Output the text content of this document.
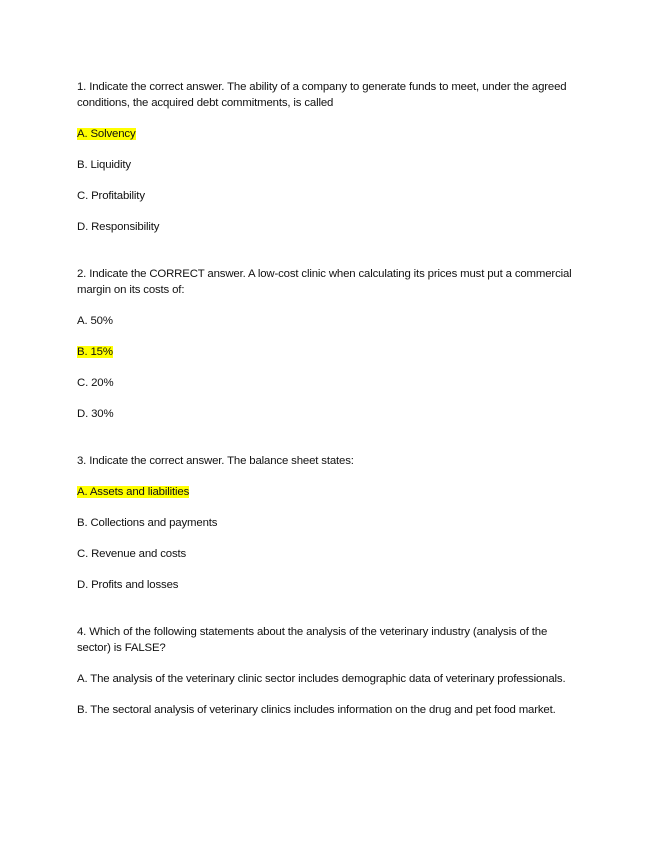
1. Indicate the correct answer. The ability of a company to generate funds to meet, under the agreed conditions, the acquired debt commitments, is called
A. Solvency
B. Liquidity
C. Profitability
D. Responsibility
2. Indicate the CORRECT answer. A low-cost clinic when calculating its prices must put a commercial margin on its costs of:
A. 50%
B. 15%
C. 20%
D. 30%
3. Indicate the correct answer. The balance sheet states:
A. Assets and liabilities
B. Collections and payments
C. Revenue and costs
D. Profits and losses
4. Which of the following statements about the analysis of the veterinary industry (analysis of the sector) is FALSE?
A. The analysis of the veterinary clinic sector includes demographic data of veterinary professionals.
B. The sectoral analysis of veterinary clinics includes information on the drug and pet food market.
